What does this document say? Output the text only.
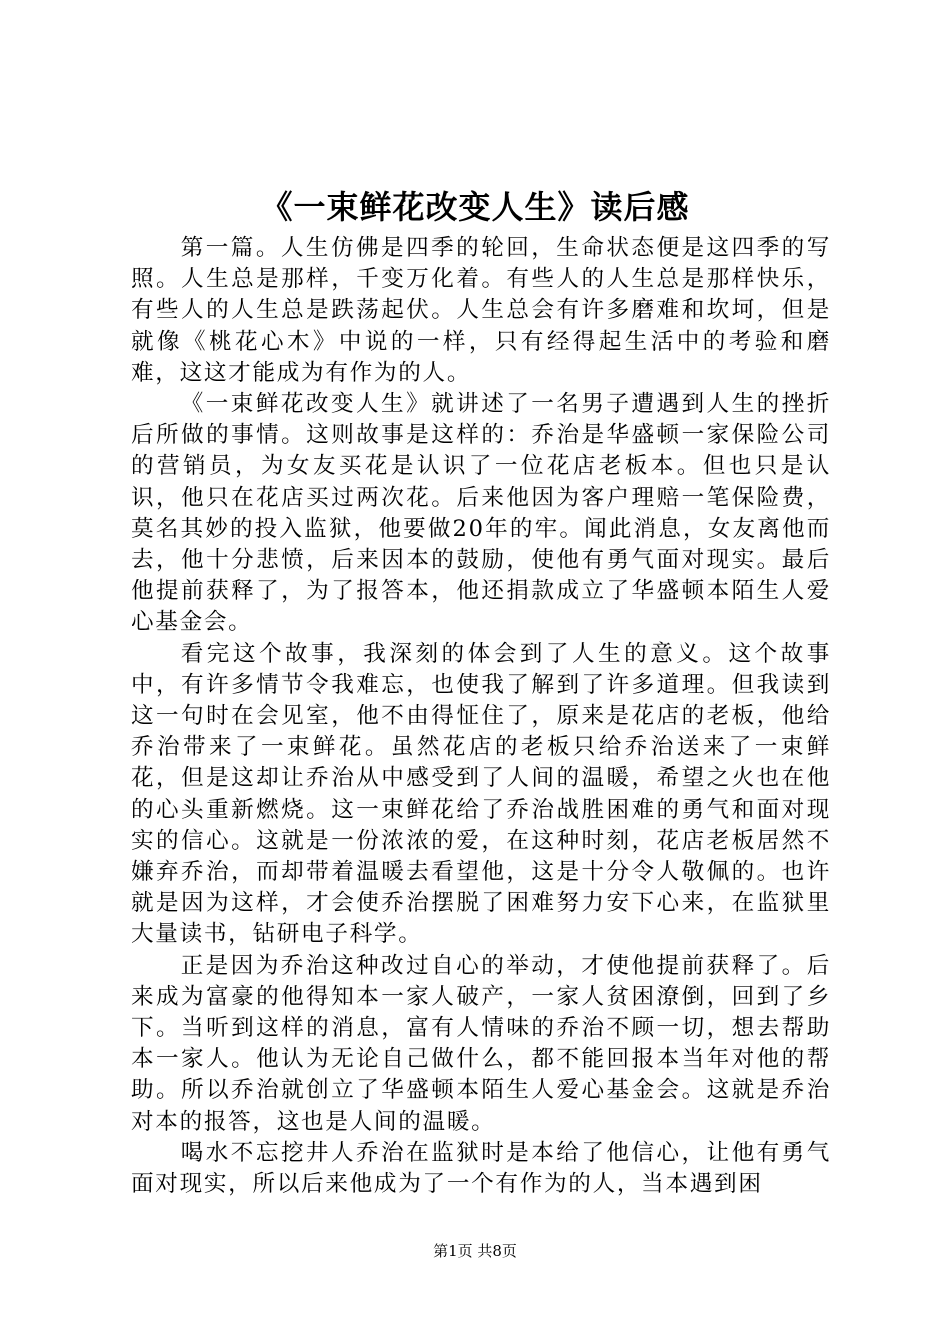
《一束鲜花改变人生》读后感

第一篇。人生仿佛是四季的轮回，生命状态便是这四季的写照。人生总是那样，千变万化着。有些人的人生总是那样快乐，有些人的人生总是跌荡起伏。人生总会有许多磨难和坎坷，但是就像《桃花心木》中说的一样，只有经得起生活中的考验和磨难，这这才能成为有作为的人。

《一束鲜花改变人生》就讲述了一名男子遭遇到人生的挫折后所做的事情。这则故事是这样的：乔治是华盛顿一家保险公司的营销员，为女友买花是认识了一位花店老板本。但也只是认识，他只在花店买过两次花。后来他因为客户理赔一笔保险费，莫名其妙的投入监狱，他要做20年的牢。闻此消息，女友离他而去，他十分悲愤，后来因本的鼓励，使他有勇气面对现实。最后他提前获释了，为了报答本，他还捐款成立了华盛顿本陌生人爱心基金会。

看完这个故事，我深刻的体会到了人生的意义。这个故事中，有许多情节令我难忘，也使我了解到了许多道理。但我读到这一句时在会见室，他不由得怔住了，原来是花店的老板，他给乔治带来了一束鲜花。虽然花店的老板只给乔治送来了一束鲜花，但是这却让乔治从中感受到了人间的温暖，希望之火也在他的心头重新燃烧。这一束鲜花给了乔治战胜困难的勇气和面对现实的信心。这就是一份浓浓的爱，在这种时刻，花店老板居然不嫌弃乔治，而却带着温暖去看望他，这是十分令人敬佩的。也许就是因为这样，才会使乔治摆脱了困难努力安下心来，在监狱里大量读书，钻研电子科学。

正是因为乔治这种改过自心的举动，才使他提前获释了。后来成为富豪的他得知本一家人破产，一家人贫困潦倒，回到了乡下。当听到这样的消息，富有人情味的乔治不顾一切，想去帮助本一家人。他认为无论自己做什么，都不能回报本当年对他的帮助。所以乔治就创立了华盛顿本陌生人爱心基金会。这就是乔治对本的报答，这也是人间的温暖。

喝水不忘挖井人乔治在监狱时是本给了他信心，让他有勇气面对现实，所以后来他成为了一个有作为的人，当本遇到困

第1页 共8页
